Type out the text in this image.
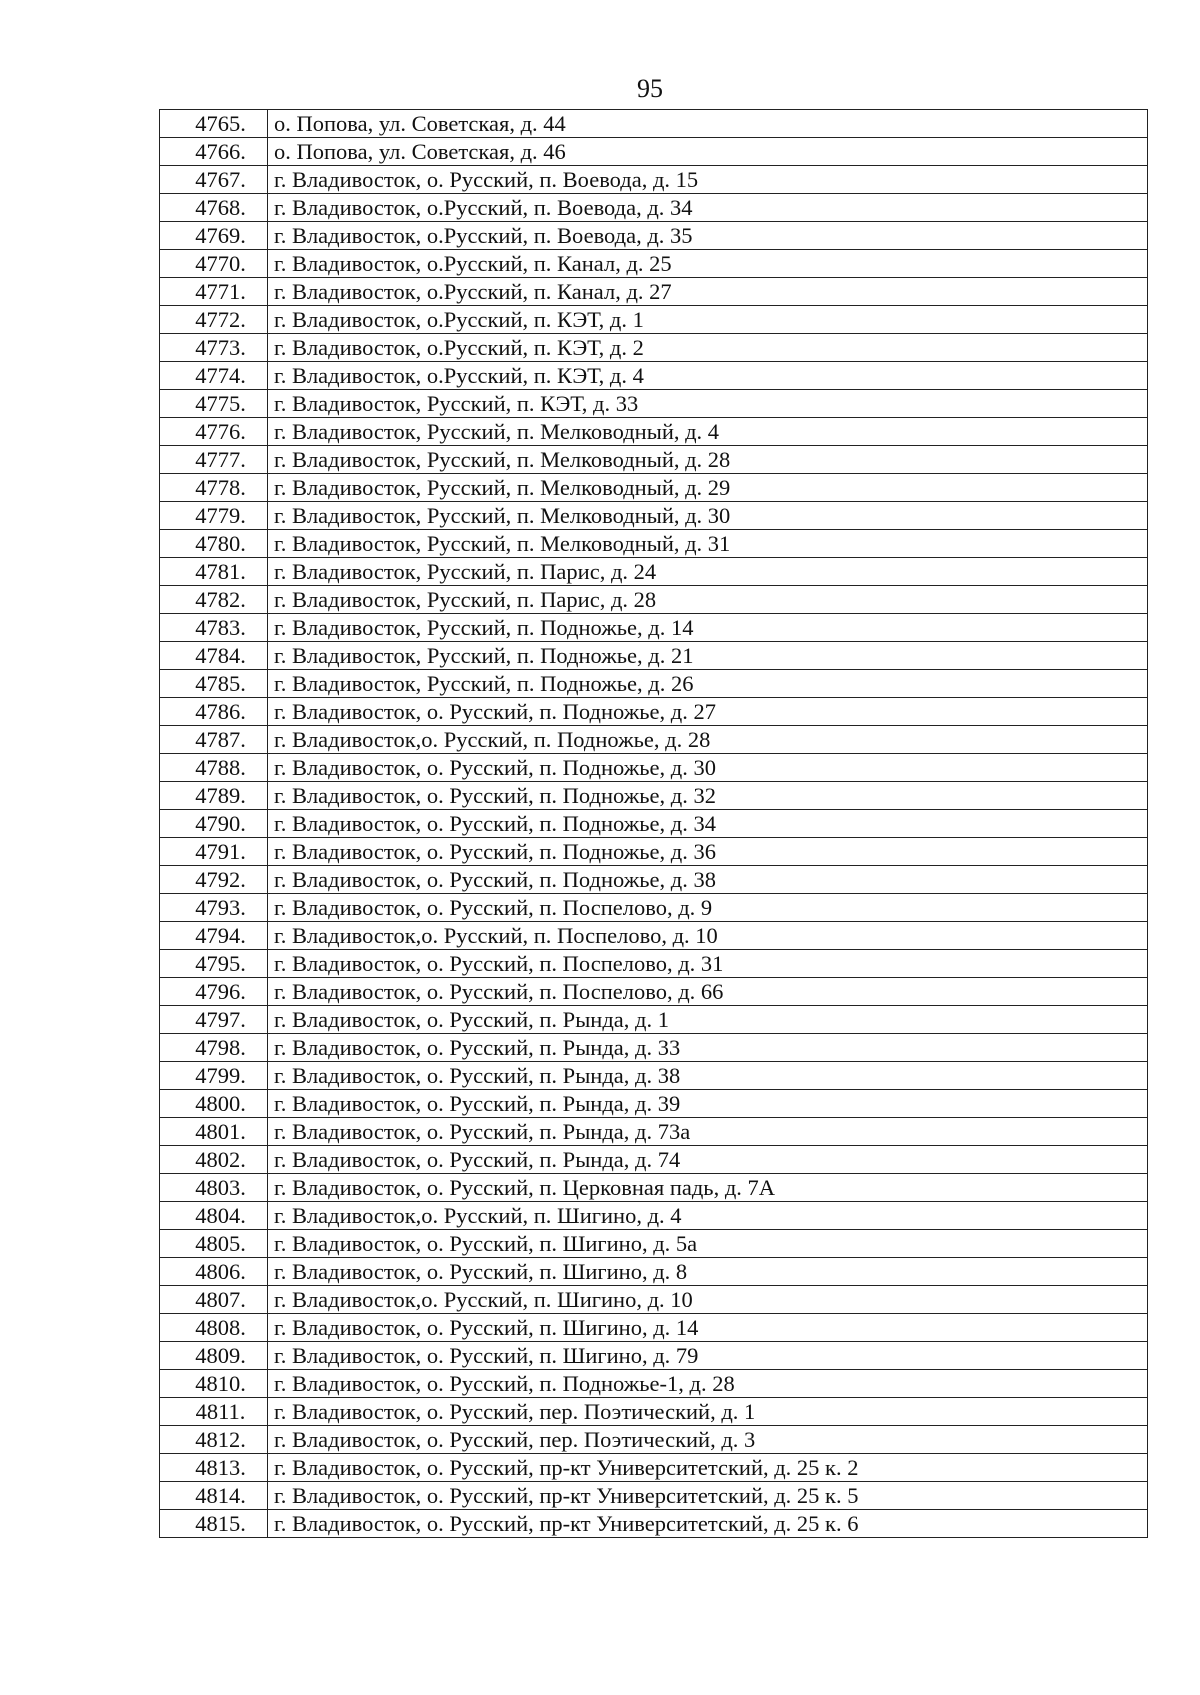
95
4765.	о. Попова, ул. Советская, д. 44
4766.	о. Попова, ул. Советская, д. 46
4767.	г. Владивосток, о. Русский, п. Воевода, д. 15
4768.	г. Владивосток, о.Русский, п. Воевода, д. 34
4769.	г. Владивосток, о.Русский, п. Воевода, д. 35
4770.	г. Владивосток, о.Русский, п. Канал, д. 25
4771.	г. Владивосток, о.Русский, п. Канал, д. 27
4772.	г. Владивосток, о.Русский, п. КЭТ, д. 1
4773.	г. Владивосток, о.Русский, п. КЭТ, д. 2
4774.	г. Владивосток, о.Русский, п. КЭТ, д. 4
4775.	г. Владивосток, Русский, п. КЭТ, д. 33
4776.	г. Владивосток, Русский, п. Мелководный, д. 4
4777.	г. Владивосток, Русский, п. Мелководный, д. 28
4778.	г. Владивосток, Русский, п. Мелководный, д. 29
4779.	г. Владивосток, Русский, п. Мелководный, д. 30
4780.	г. Владивосток, Русский, п. Мелководный, д. 31
4781.	г. Владивосток, Русский, п. Парис, д. 24
4782.	г. Владивосток, Русский, п. Парис, д. 28
4783.	г. Владивосток, Русский, п. Подножье, д. 14
4784.	г. Владивосток, Русский, п. Подножье, д. 21
4785.	г. Владивосток, Русский, п. Подножье, д. 26
4786.	г. Владивосток, о. Русский, п. Подножье, д. 27
4787.	г. Владивосток,о. Русский, п. Подножье, д. 28
4788.	г. Владивосток, о. Русский, п. Подножье, д. 30
4789.	г. Владивосток, о. Русский, п. Подножье, д. 32
4790.	г. Владивосток, о. Русский, п. Подножье, д. 34
4791.	г. Владивосток, о. Русский, п. Подножье, д. 36
4792.	г. Владивосток, о. Русский, п. Подножье, д. 38
4793.	г. Владивосток, о. Русский, п. Поспелово, д. 9
4794.	г. Владивосток,о. Русский, п. Поспелово, д. 10
4795.	г. Владивосток, о. Русский, п. Поспелово, д. 31
4796.	г. Владивосток, о. Русский, п. Поспелово, д. 66
4797.	г. Владивосток, о. Русский, п. Рында, д. 1
4798.	г. Владивосток, о. Русский, п. Рында, д. 33
4799.	г. Владивосток, о. Русский, п. Рында, д. 38
4800.	г. Владивосток, о. Русский, п. Рында, д. 39
4801.	г. Владивосток, о. Русский, п. Рында, д. 73а
4802.	г. Владивосток, о. Русский, п. Рында, д. 74
4803.	г. Владивосток, о. Русский, п. Церковная падь, д. 7А
4804.	г. Владивосток,о. Русский, п. Шигино, д. 4
4805.	г. Владивосток, о. Русский, п. Шигино, д. 5а
4806.	г. Владивосток, о. Русский, п. Шигино, д. 8
4807.	г. Владивосток,о. Русский, п. Шигино, д. 10
4808.	г. Владивосток, о. Русский, п. Шигино, д. 14
4809.	г. Владивосток, о. Русский, п. Шигино, д. 79
4810.	г. Владивосток, о. Русский, п. Подножье-1, д. 28
4811.	г. Владивосток, о. Русский, пер. Поэтический, д. 1
4812.	г. Владивосток, о. Русский, пер. Поэтический, д. 3
4813.	г. Владивосток, о. Русский, пр-кт Университетский, д. 25 к. 2
4814.	г. Владивосток, о. Русский, пр-кт Университетский, д. 25 к. 5
4815.	г. Владивосток, о. Русский, пр-кт Университетский, д. 25 к. 6
